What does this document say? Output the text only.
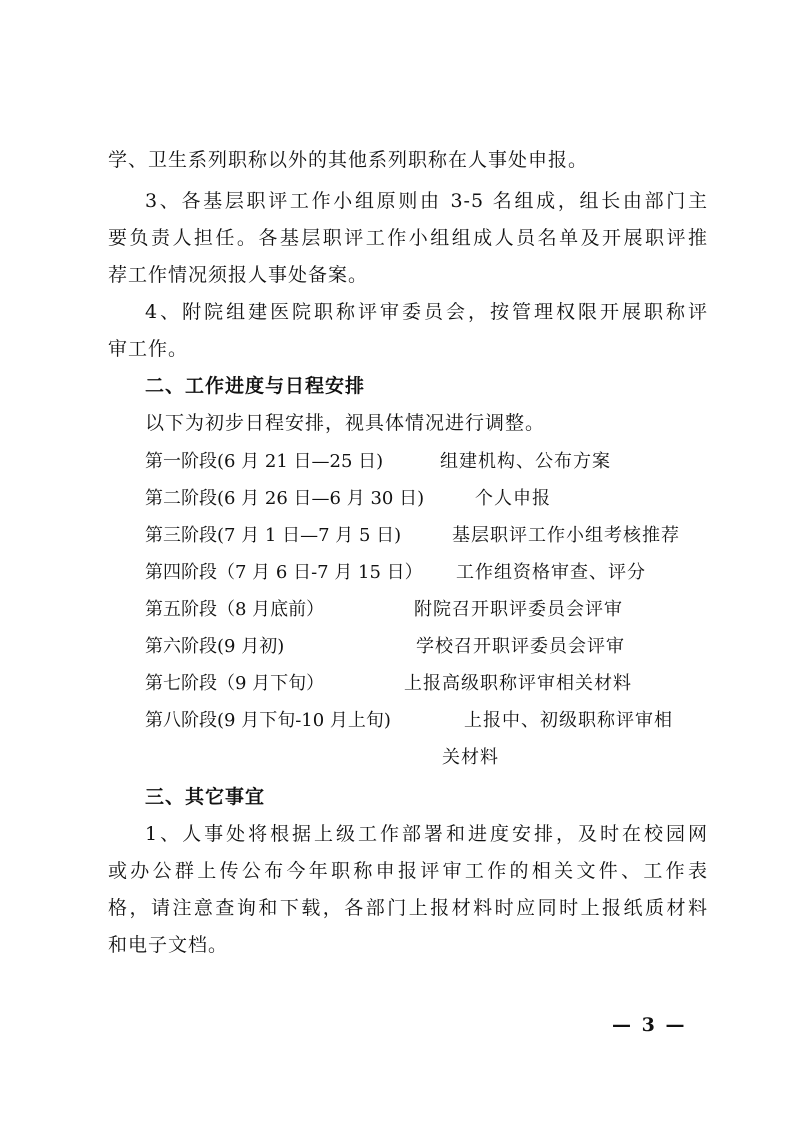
学、卫生系列职称以外的其他系列职称在人事处申报。
3、各基层职评工作小组原则由 3-5 名组成，组长由部门主
要负责人担任。各基层职评工作小组组成人员名单及开展职评推
荐工作情况须报人事处备案。
4、附院组建医院职称评审委员会，按管理权限开展职称评
审工作。
二、工作进度与日程安排
以下为初步日程安排，视具体情况进行调整。
第一阶段(6 月 21 日—25 日)	组建机构、公布方案
第二阶段(6 月 26 日—6 月 30 日)	个人申报
第三阶段(7 月 1 日—7 月 5 日)	基层职评工作小组考核推荐
第四阶段（7 月 6 日-7 月 15 日） 工作组资格审查、评分
第五阶段（8 月底前）	附院召开职评委员会评审
第六阶段(9 月初)	学校召开职评委员会评审
第七阶段（9 月下旬）	上报高级职称评审相关材料
第八阶段(9 月下旬-10 月上旬)	上报中、初级职称评审相
关材料
三、其它事宜
1、人事处将根据上级工作部署和进度安排，及时在校园网
或办公群上传公布今年职称申报评审工作的相关文件、工作表
格，请注意查询和下载，各部门上报材料时应同时上报纸质材料
和电子文档。
— 3 —
